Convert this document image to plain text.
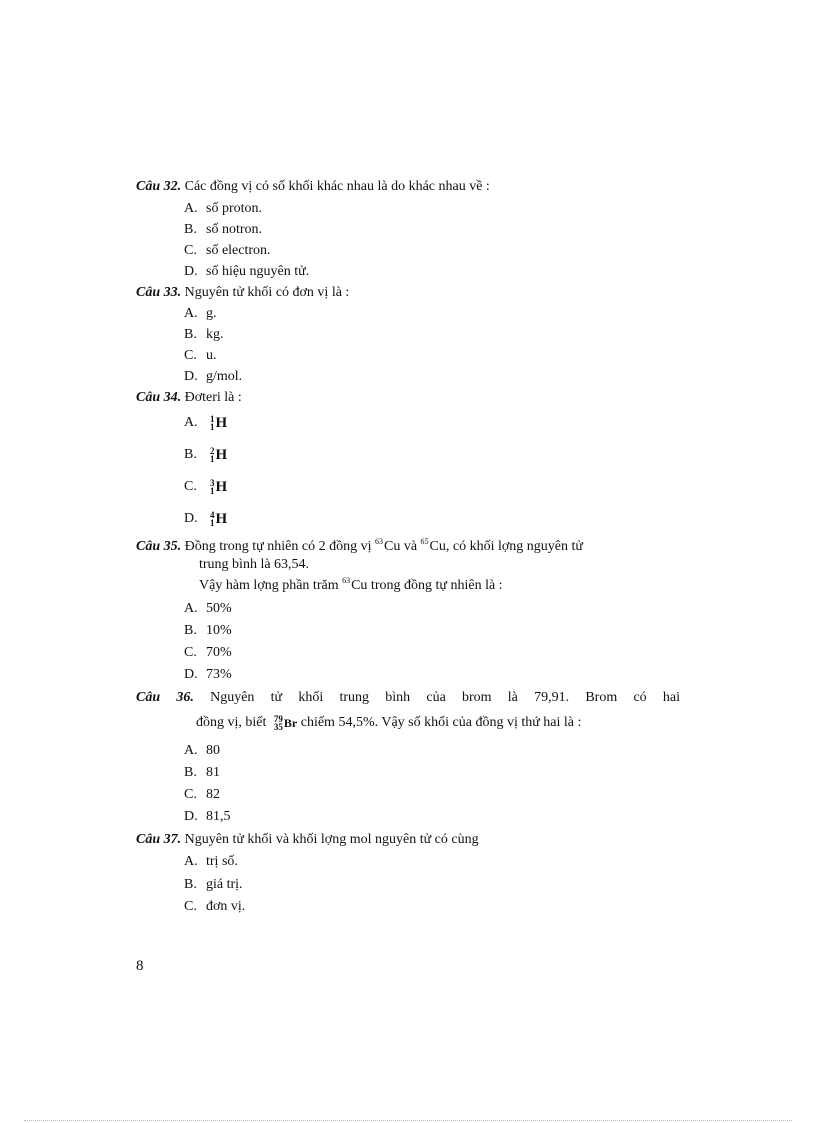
Câu 32. Các đồng vị có số khối khác nhau là do khác nhau về :
A. số proton.
B. số notron.
C. số electron.
D. số hiệu nguyên tử.
Câu 33. Nguyên tử khối có đơn vị là :
A. g.
B. kg.
C. u.
D. g/mol.
Câu 34. Đơteri là :
A. 1
1 H
B. 2
1 H
C. 3
1 H
D. 4
1 H
Câu 35. Đồng trong tự nhiên có 2 đồng vị $^{63}$Cu và $^{65}$Cu, có khối lợng nguyên tử
trung bình là 63,54.
Vậy hàm lợng phần trăm $^{63}$Cu trong đồng tự nhiên là :
A. 50%
B. 10%
C. 70%
D. 73%
Câu 36. Nguyên tử khối trung bình của brom là 79,91. Brom có hai
đồng vị, biết 79
35 Br chiếm 54,5%. Vậy số khối của đồng vị thứ hai là :
A. 80
B. 81
C. 82
D. 81,5
Câu 37. Nguyên tử khối và khối lợng mol nguyên tử có cùng
A. trị số.
B. giá trị.
C. đơn vị.
8
